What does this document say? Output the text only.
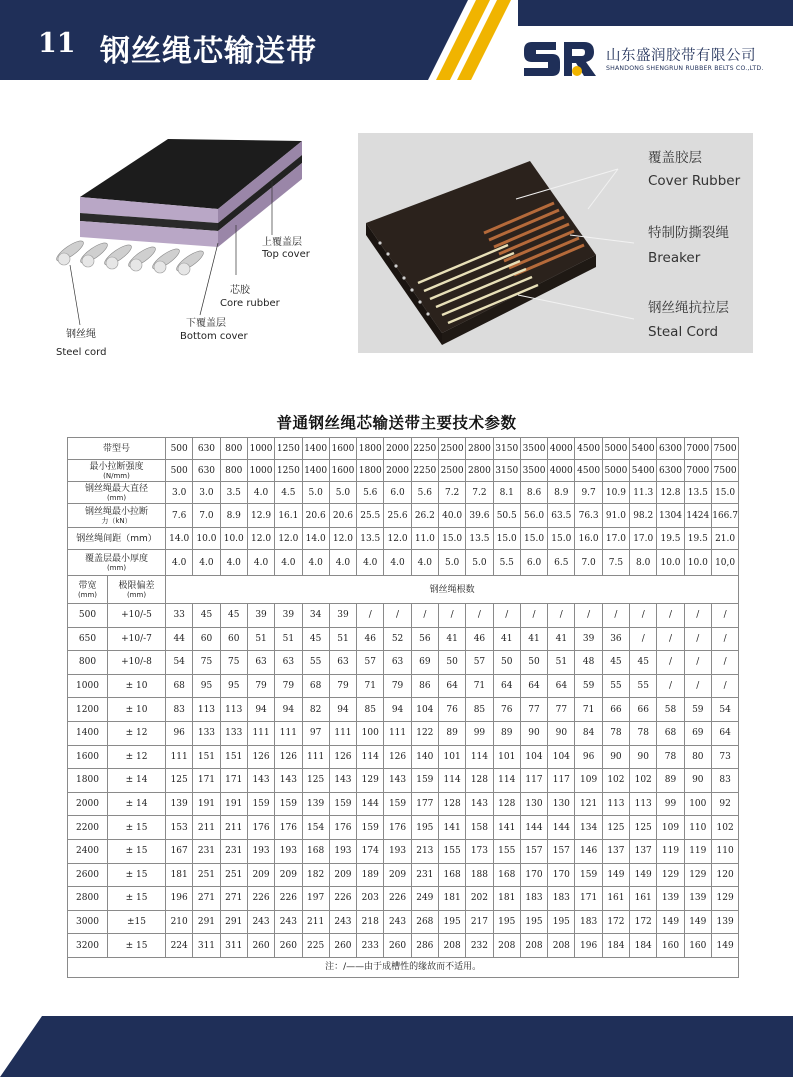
11 钢丝绳芯输送带	山东盛润胶带有限公司
SHANDONG SHENGRUN RUBBER BELTS CO.,LTD.
上覆盖层
Top cover
芯胶
Core rubber
下覆盖层
Bottom cover
钢丝绳
Steel cord
覆盖胶层
Cover Rubber
特制防撕裂绳
Breaker
钢丝绳抗拉层
Steal Cord
普通钢丝绳芯输送带主要技术参数
带型号		500	630	800	1000	1250	1400	1600	1800	2000	2250	2500	2800	3150	3500	4000	4500	5000	5400	6300	7000	7500
最小拉断强度
(N/mm)		500	630	800	1000	1250	1400	1600	1800	2000	2250	2500	2800	3150	3500	4000	4500	5000	5400	6300	7000	7500
钢丝绳最大直径
(mm)		3.0	3.0	3.5	4.0	4.5	5.0	5.0	5.6	6.0	5.6	7.2	7.2	8.1	8.6	8.9	9.7	10.9	11.3	12.8	13.5	15.0
钢丝绳最小拉断
力（kN）		7.6	7.0	8.9	12.9	16.1	20.6	20.6	25.5	25.6	26.2	40.0	39.6	50.5	56.0	63.5	76.3	91.0	98.2	1304	1424	166.7
钢丝绳间距（mm）		14.0	10.0	10.0	12.0	12.0	14.0	12.0	13.5	12.0	11.0	15.0	13.5	15.0	15.0	15.0	16.0	17.0	17.0	19.5	19.5	21.0
覆盖层最小厚度
(mm)		4.0	4.0	4.0	4.0	4.0	4.0	4.0	4.0	4.0	4.0	5.0	5.0	5.5	6.0	6.5	7.0	7.5	8.0	10.0	10.0	10,0
带宽
(mm)	极限偏差
(mm)	钢丝绳根数																				
500	+10/-5	33	45	45	39	39	34	39	/	/	/	/	/	/	/	/	/	/	/	/	/	/
650	+10/-7	44	60	60	51	51	45	51	46	52	56	41	46	41	41	41	39	36	/	/	/	/
800	+10/-8	54	75	75	63	63	55	63	57	63	69	50	57	50	50	51	48	45	45	/	/	/
1000	± 10	68	95	95	79	79	68	79	71	79	86	64	71	64	64	64	59	55	55	/	/	/
1200	± 10	83	113	113	94	94	82	94	85	94	104	76	85	76	77	77	71	66	66	58	59	54
1400	± 12	96	133	133	111	111	97	111	100	111	122	89	99	89	90	90	84	78	78	68	69	64
1600	± 12	111	151	151	126	126	111	126	114	126	140	101	114	101	104	104	96	90	90	78	80	73
1800	± 14	125	171	171	143	143	125	143	129	143	159	114	128	114	117	117	109	102	102	89	90	83
2000	± 14	139	191	191	159	159	139	159	144	159	177	128	143	128	130	130	121	113	113	99	100	92
2200	± 15	153	211	211	176	176	154	176	159	176	195	141	158	141	144	144	134	125	125	109	110	102
2400	± 15	167	231	231	193	193	168	193	174	193	213	155	173	155	157	157	146	137	137	119	119	110
2600	± 15	181	251	251	209	209	182	209	189	209	231	168	188	168	170	170	159	149	149	129	129	120
2800	± 15	196	271	271	226	226	197	226	203	226	249	181	202	181	183	183	171	161	161	139	139	129
3000	±15	210	291	291	243	243	211	243	218	243	268	195	217	195	195	195	183	172	172	149	149	139
3200	± 15	224	311	311	260	260	225	260	233	260	286	208	232	208	208	208	196	184	184	160	160	149
注：/——由于成槽性的缘故而不适用。																						
